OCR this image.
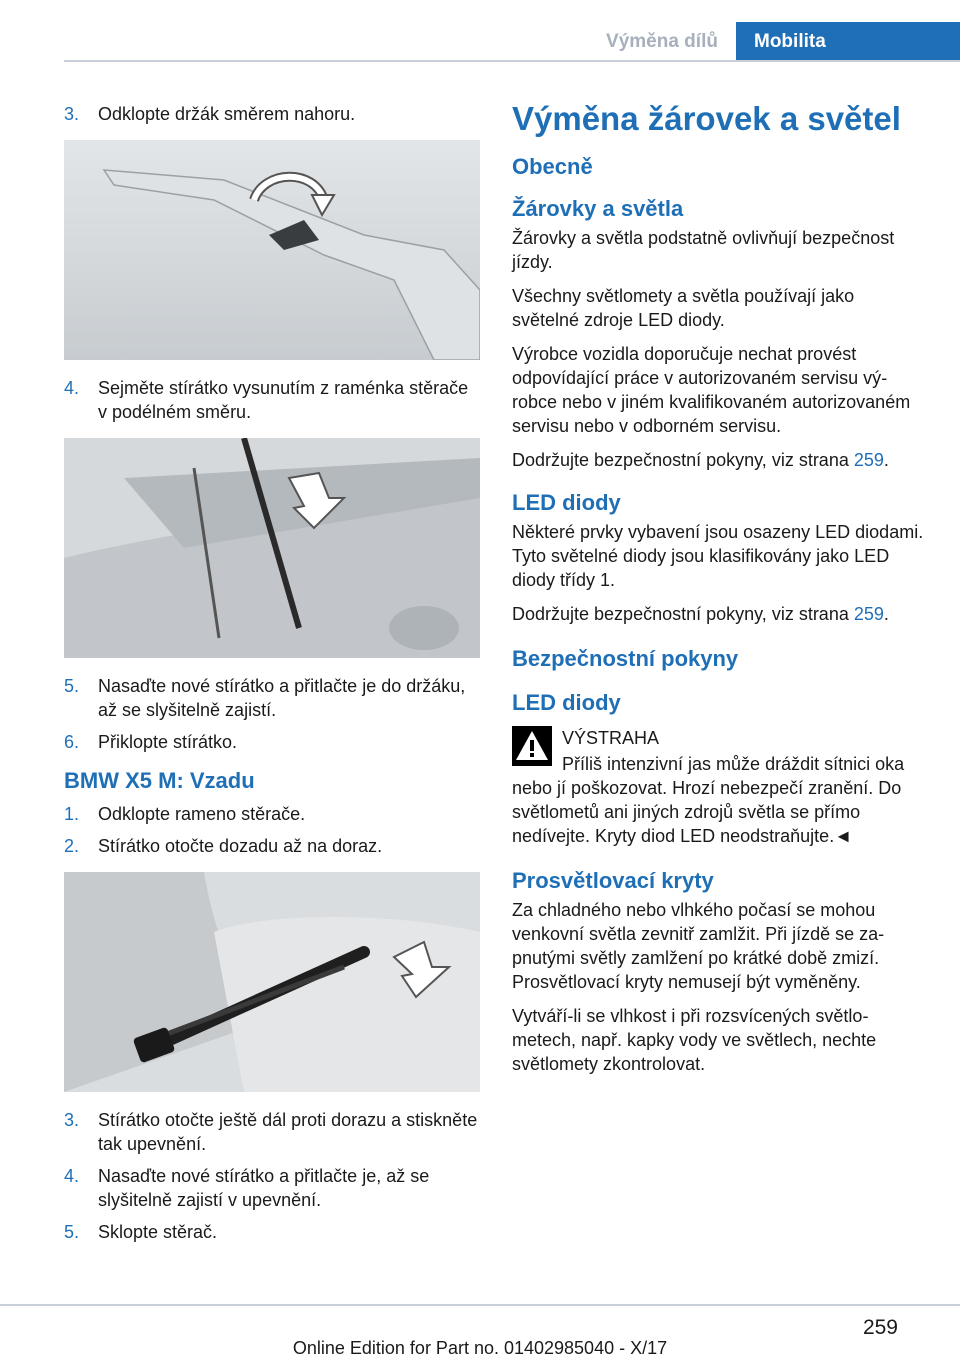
Výměna dílů	Mobilita
3.	Odklopte držák směrem nahoru.
4.	Sejměte stírátko vysunutím z raménka stěrače v podélném směru.
5.	Nasaďte nové stírátko a přitlačte je do držáku, až se slyšitelně zajistí.
6.	Přiklopte stírátko.
BMW X5 M: Vzadu
1.	Odklopte rameno stěrače.
2.	Stírátko otočte dozadu až na doraz.
3.	Stírátko otočte ještě dál proti dorazu a stiskněte tak upevnění.
4.	Nasaďte nové stírátko a přitlačte je, až se slyšitelně zajistí v upevnění.
5.	Sklopte stěrač.
Výměna žárovek a světel
Obecně
Žárovky a světla
Žárovky a světla podstatně ovlivňují bezpečnost jízdy.
Všechny světlomety a světla používají jako světelné zdroje LED diody.
Výrobce vozidla doporučuje nechat provést odpovídající práce v autorizovaném servisu výrobce nebo v jiném kvalifikovaném autorizovaném servisu nebo v odborném servisu.
Dodržujte bezpečnostní pokyny, viz strana 259.
LED diody
Některé prvky vybavení jsou osazeny LED diodami. Tyto světelné diody jsou klasifikovány jako LED diody třídy 1.
Dodržujte bezpečnostní pokyny, viz strana 259.
Bezpečnostní pokyny
LED diody
VÝSTRAHA
Příliš intenzivní jas může dráždit sítnici oka nebo jí poškozovat. Hrozí nebezpečí zranění. Do světlometů ani jiných zdrojů světla se přímo nedívejte. Kryty diod LED neodstraňujte.◄
Prosvětlovací kryty
Za chladného nebo vlhkého počasí se mohou venkovní světla zevnitř zamlžit. Při jízdě se zapnutými světly zamlžení po krátké době zmizí. Prosvětlovací kryty nemusejí být vyměněny.
Vytváří-li se vlhkost i při rozsvícených světlometech, např. kapky vody ve světlech, nechte světlomety zkontrolovat.
259
Online Edition for Part no. 01402985040 - X/17
